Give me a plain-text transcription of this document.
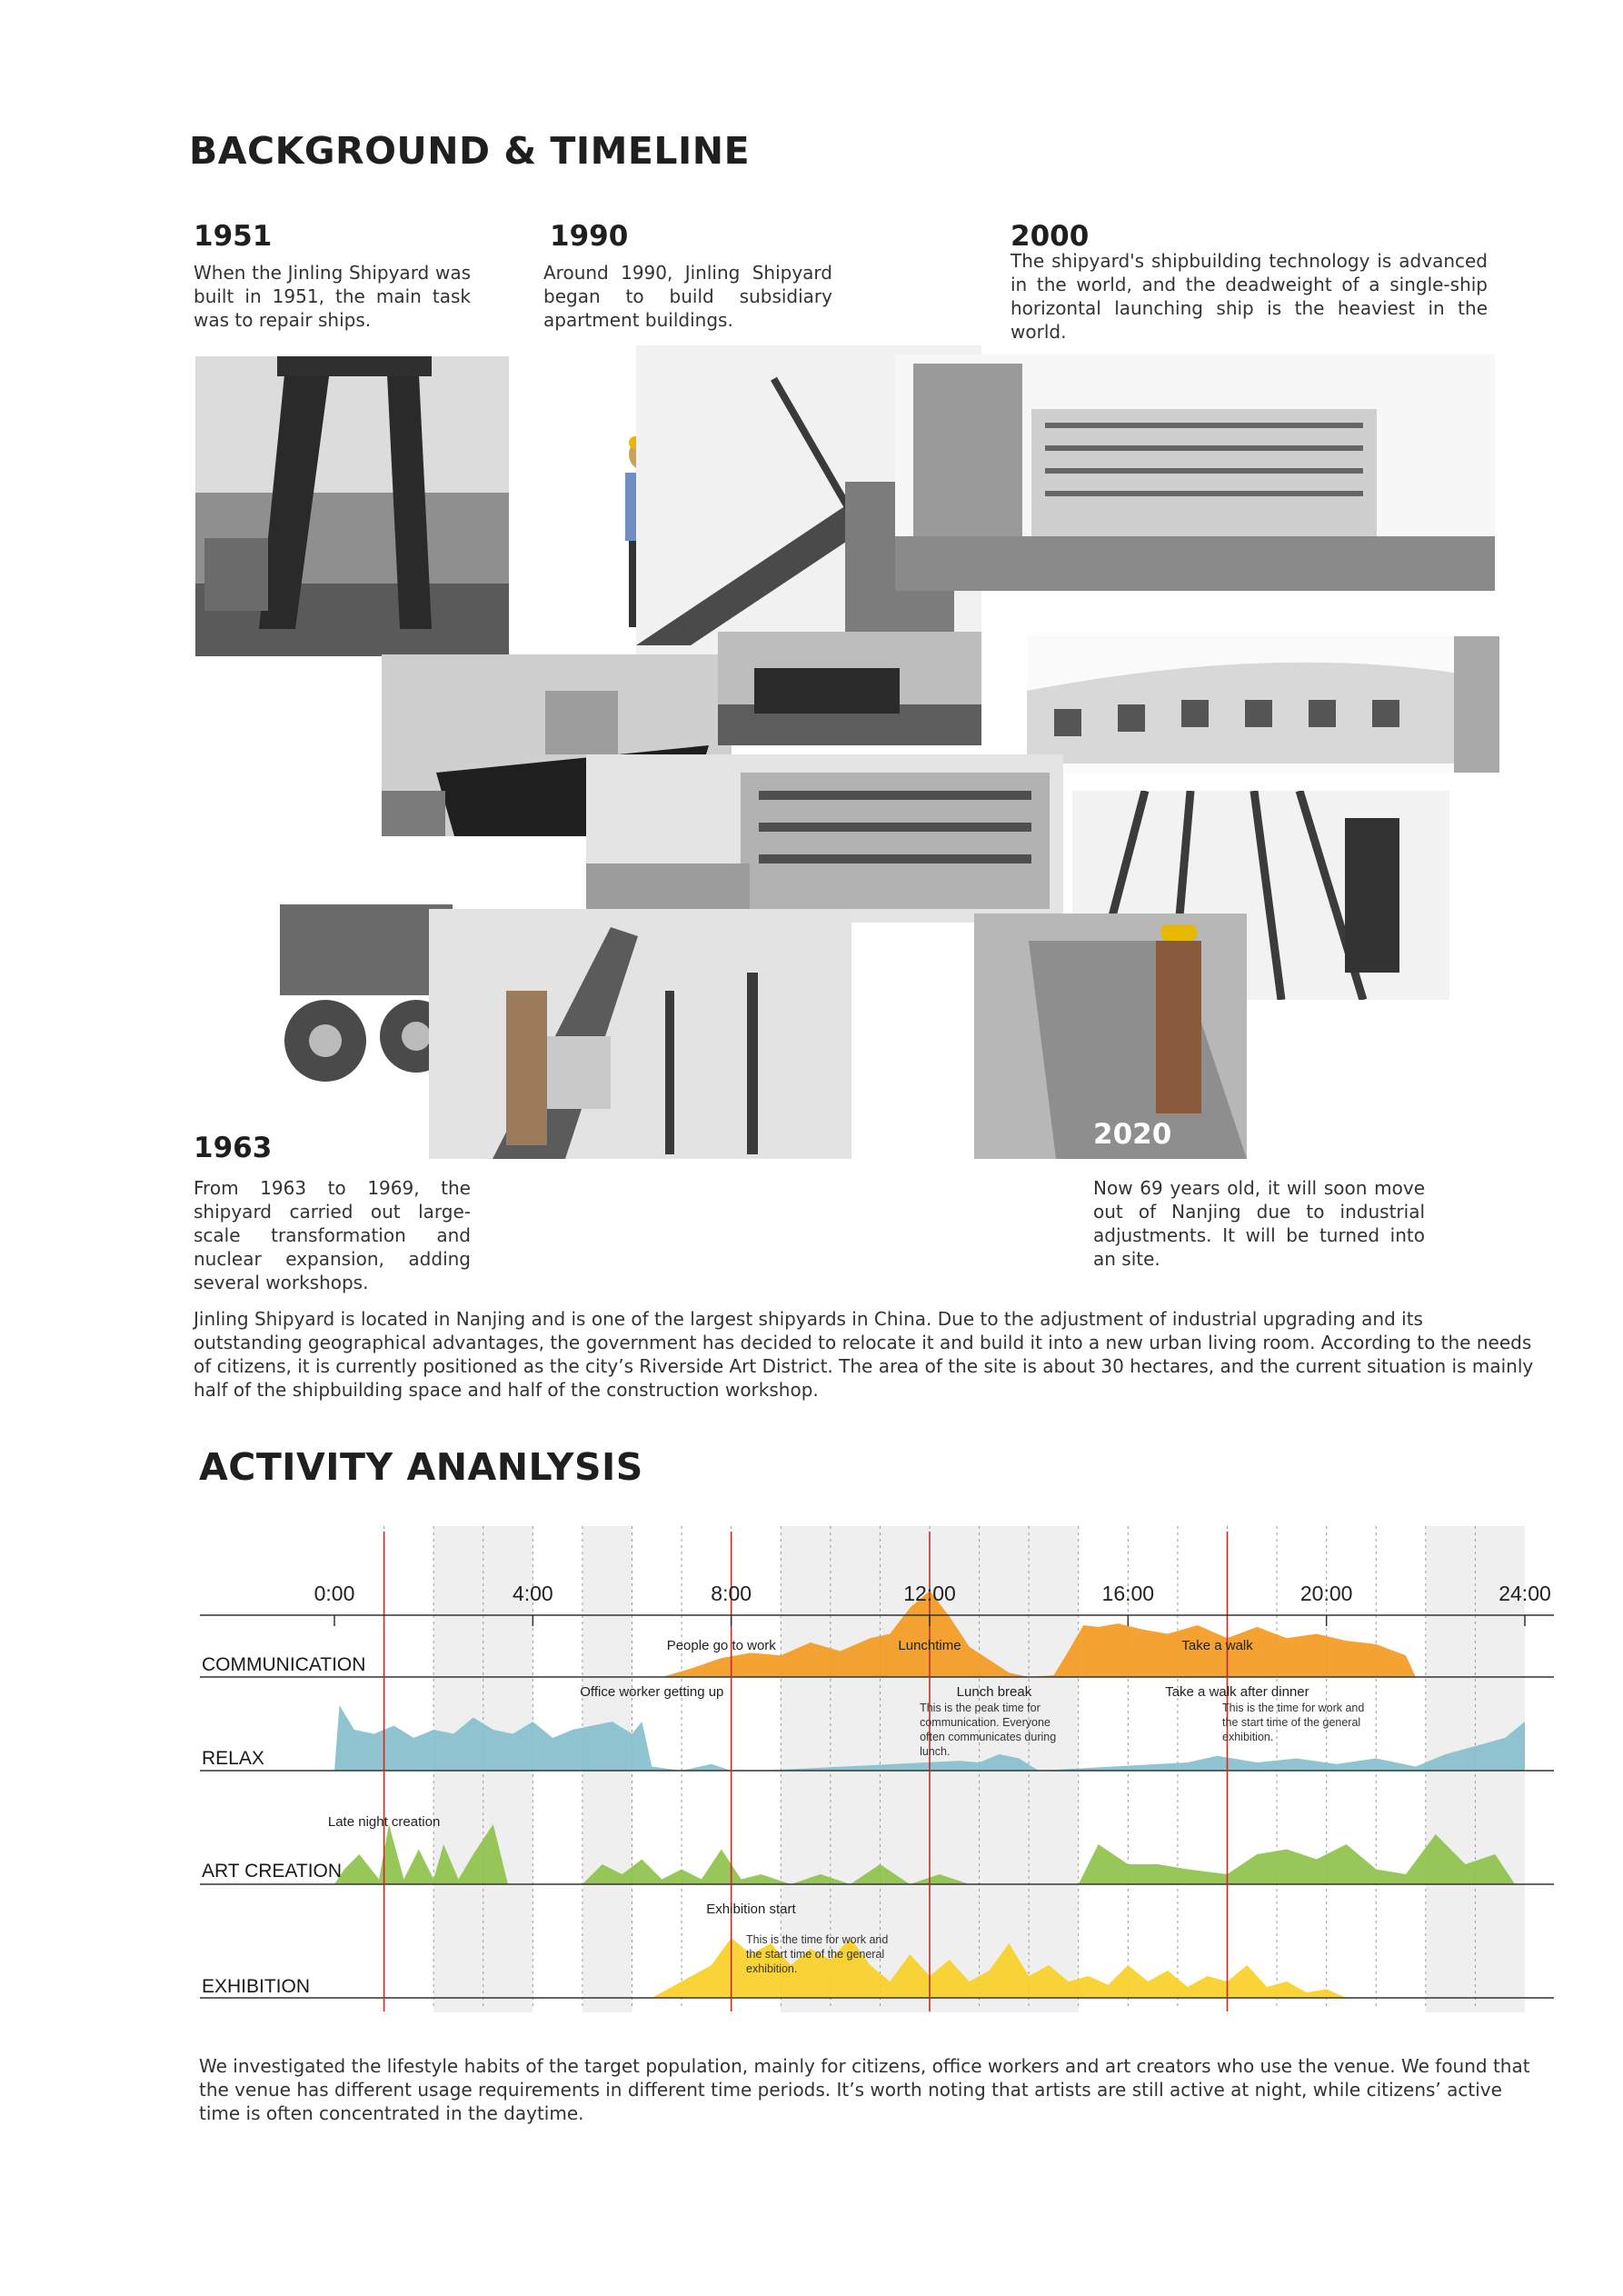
BACKGROUND & TIMELINE
1951
When the Jinling Shipyard was built in 1951, the main task was to repair ships.
1990
Around 1990, Jinling Shipyard began to build subsidiary apartment buildings.
2000
The shipyard's shipbuilding technology is advanced in the world, and the deadweight of a single-ship horizontal launching ship is the heaviest in the world.
1963
From 1963 to 1969, the shipyard carried out large-scale transformation and nuclear expansion, adding several workshops.
2020
Now 69 years old, it will soon move out of Nanjing due to industrial adjustments. It will be turned into an site.
Jinling Shipyard is located in Nanjing and is one of the largest shipyards in China. Due to the adjustment of industrial upgrading and its outstanding geographical advantages, the government has decided to relocate it and build it into a new urban living room. According to the needs of citizens, it is currently positioned as the city’s Riverside Art District. The area of the site is about 30 hectares, and the current situation is mainly half of the shipbuilding space and half of the construction workshop.
ACTIVITY ANANLYSIS
0:00	4:00	8:00	12:00	16:00	20:00	24:00
COMMUNICATION
RELAX
ART CREATION
EXHIBITION
People go to work	Lunchtime	Take a walk
Office worker getting up	Lunch break	Take a walk after dinner
Late night creation
Exhibition start
This is the peak time for
communication. Everyone
often communicates during
lunch.
This is the time for work and
the start time of the general
exhibition.
This is the time for work and
the start time of the general
exhibition.
We investigated the lifestyle habits of the target population, mainly for citizens, office workers and art creators who use the venue. We found that the venue has different usage requirements in different time periods. It’s worth noting that artists are still active at night, while citizens’ active time is often concentrated in the daytime.
